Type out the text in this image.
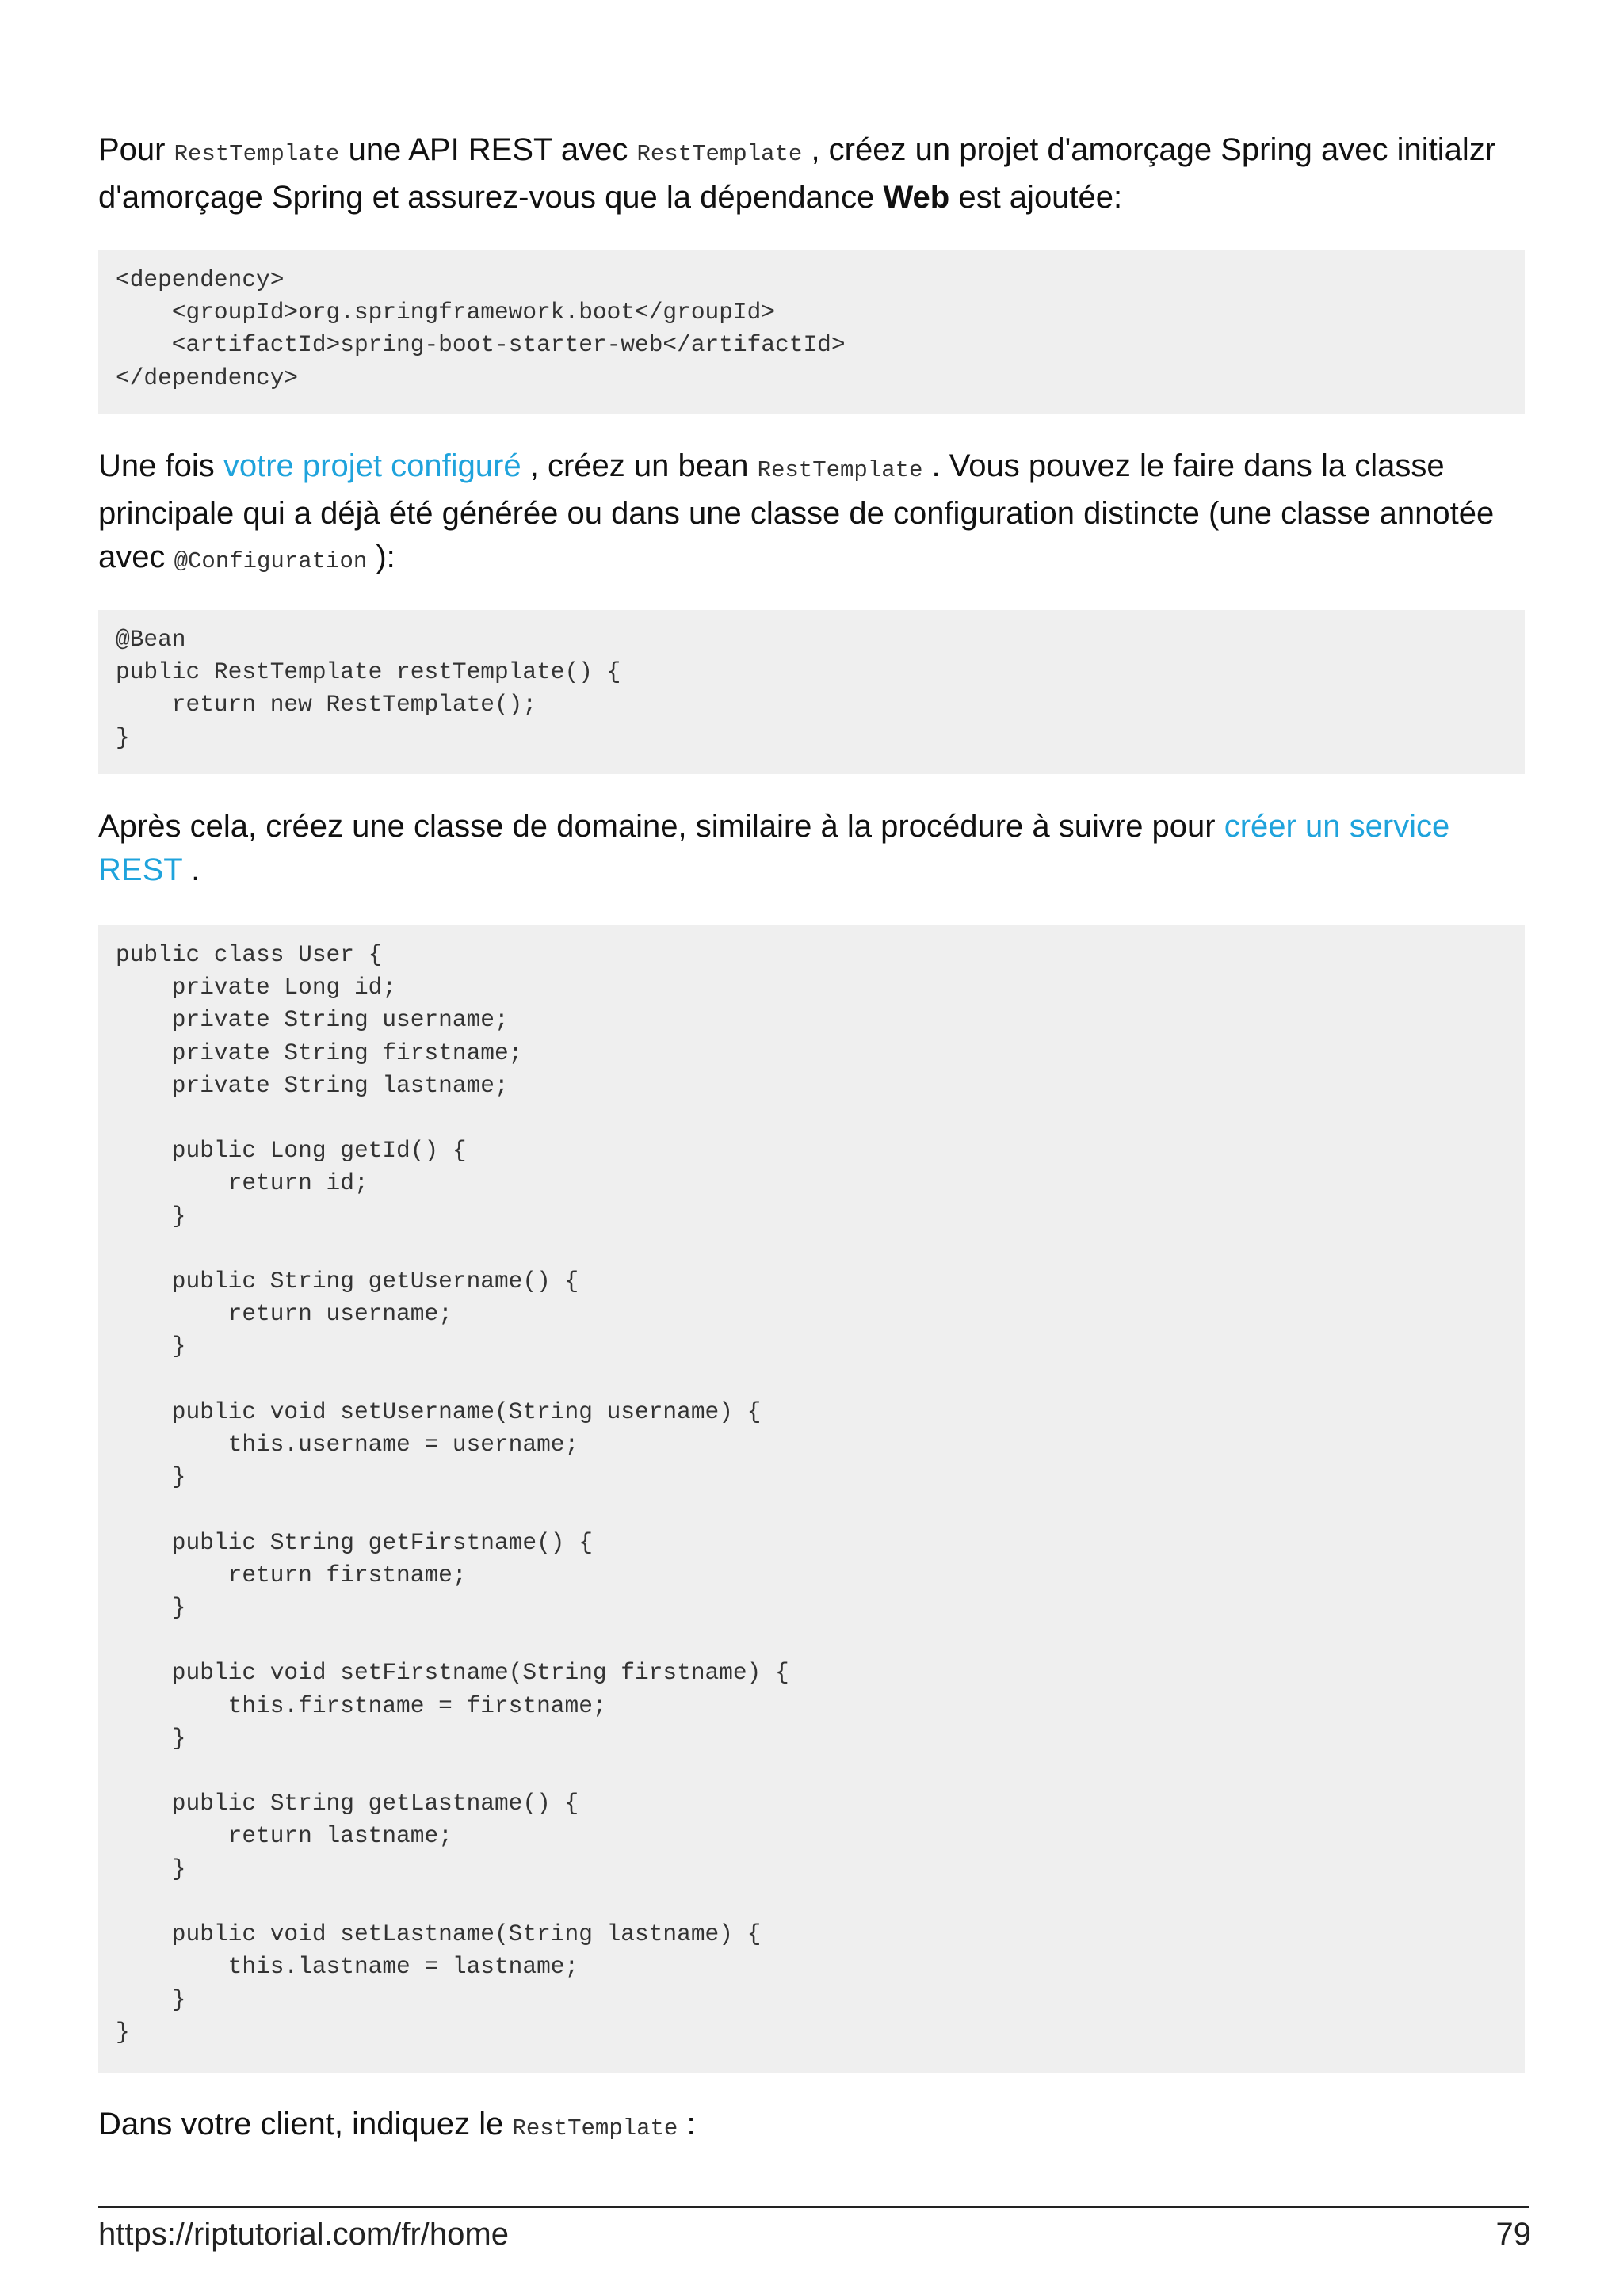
Pour RestTemplate une API REST avec RestTemplate , créez un projet d'amorçage Spring avec initialzr d'amorçage Spring et assurez-vous que la dépendance Web est ajoutée:

<dependency>
<groupId>org.springframework.boot</groupId>
<artifactId>spring-boot-starter-web</artifactId>
</dependency>

Une fois votre projet configuré , créez un bean RestTemplate . Vous pouvez le faire dans la classe principale qui a déjà été générée ou dans une classe de configuration distincte (une classe annotée avec @Configuration ):

@Bean
public RestTemplate restTemplate() {
return new RestTemplate();
}

Après cela, créez une classe de domaine, similaire à la procédure à suivre pour créer un service REST .

public class User {
private Long id;
private String username;
private String firstname;
private String lastname;

public Long getId() {
return id;
}

public String getUsername() {
return username;
}

public void setUsername(String username) {
this.username = username;
}

public String getFirstname() {
return firstname;
}

public void setFirstname(String firstname) {
this.firstname = firstname;
}

public String getLastname() {
return lastname;
}

public void setLastname(String lastname) {
this.lastname = lastname;
}
}

Dans votre client, indiquez le RestTemplate :

https://riptutorial.com/fr/home	79
